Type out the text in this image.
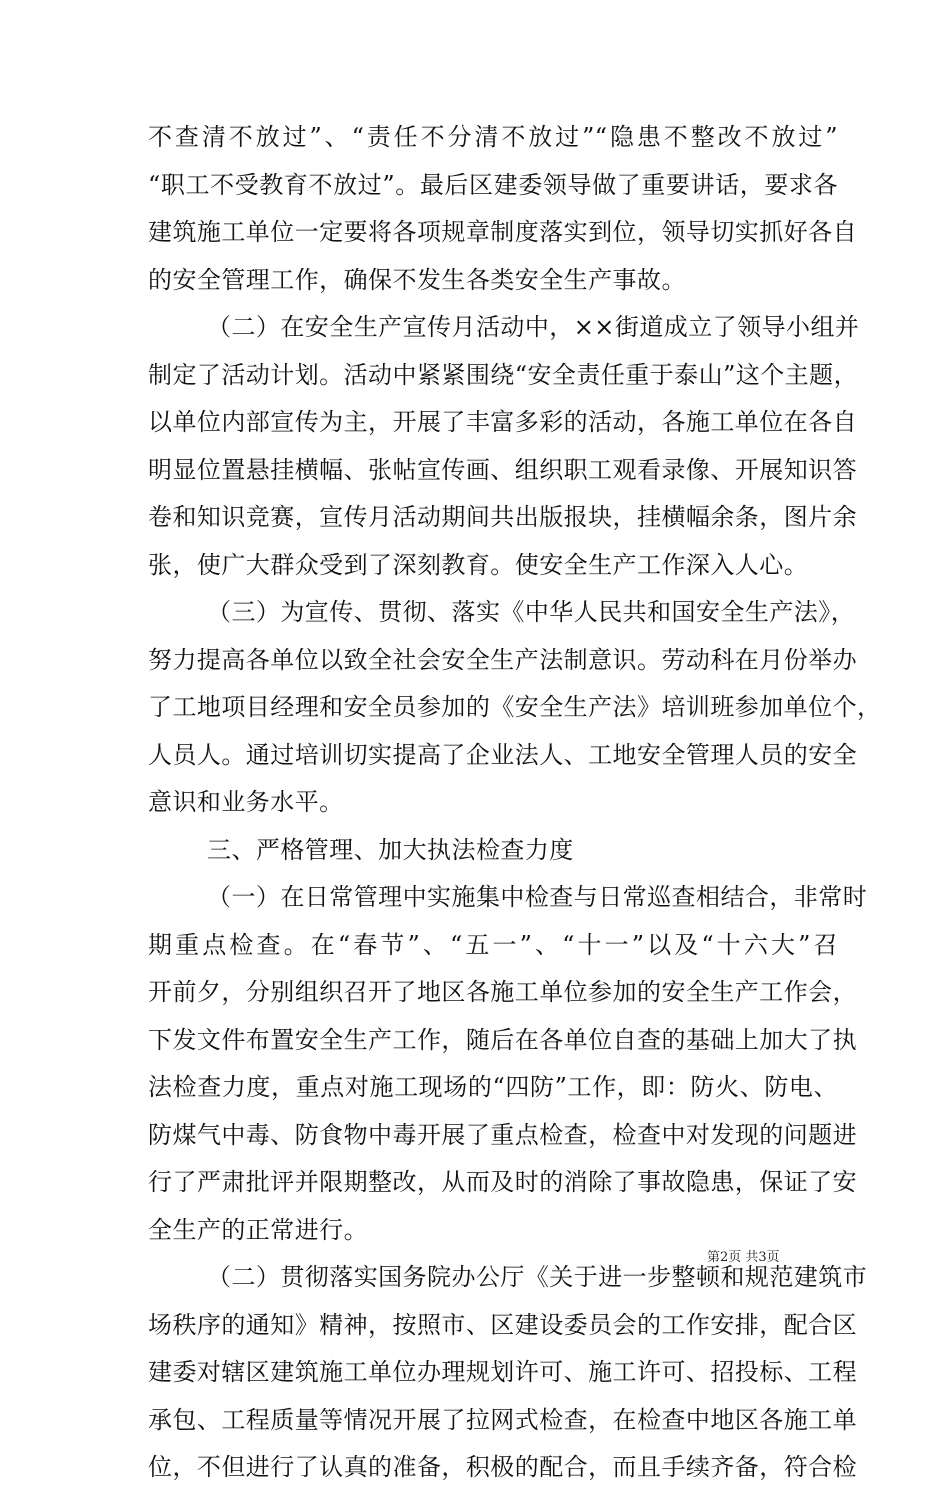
不查清不放过”、“责任不分清不放过”“隐患不整改不放过”
“职工不受教育不放过”。最后区建委领导做了重要讲话，要求各
建筑施工单位一定要将各项规章制度落实到位，领导切实抓好各自
的安全管理工作，确保不发生各类安全生产事故。
（二）在安全生产宣传月活动中，××街道成立了领导小组并
制定了活动计划。活动中紧紧围绕“安全责任重于泰山”这个主题，
以单位内部宣传为主，开展了丰富多彩的活动，各施工单位在各自
明显位置悬挂横幅、张帖宣传画、组织职工观看录像、开展知识答
卷和知识竞赛，宣传月活动期间共出版报块，挂横幅余条，图片余
张，使广大群众受到了深刻教育。使安全生产工作深入人心。
（三）为宣传、贯彻、落实《中华人民共和国安全生产法》，
努力提高各单位以致全社会安全生产法制意识。劳动科在月份举办
了工地项目经理和安全员参加的《安全生产法》培训班参加单位个，
人员人。通过培训切实提高了企业法人、工地安全管理人员的安全
意识和业务水平。
三、严格管理、加大执法检查力度
（一）在日常管理中实施集中检查与日常巡查相结合，非常时
期重点检查。在“春节”、“五一”、“十一”以及“十六大”召
开前夕，分别组织召开了地区各施工单位参加的安全生产工作会，
下发文件布置安全生产工作，随后在各单位自查的基础上加大了执
法检查力度，重点对施工现场的“四防”工作，即：防火、防电、
防煤气中毒、防食物中毒开展了重点检查，检查中对发现的问题进
行了严肃批评并限期整改，从而及时的消除了事故隐患，保证了安
全生产的正常进行。
（二）贯彻落实国务院办公厅《关于进一步整顿和规范建筑市
场秩序的通知》精神，按照市、区建设委员会的工作安排，配合区
建委对辖区建筑施工单位办理规划许可、施工许可、招投标、工程
承包、工程质量等情况开展了拉网式检查，在检查中地区各施工单
位，不但进行了认真的准备，积极的配合，而且手续齐备，符合检
第2页 共3页
